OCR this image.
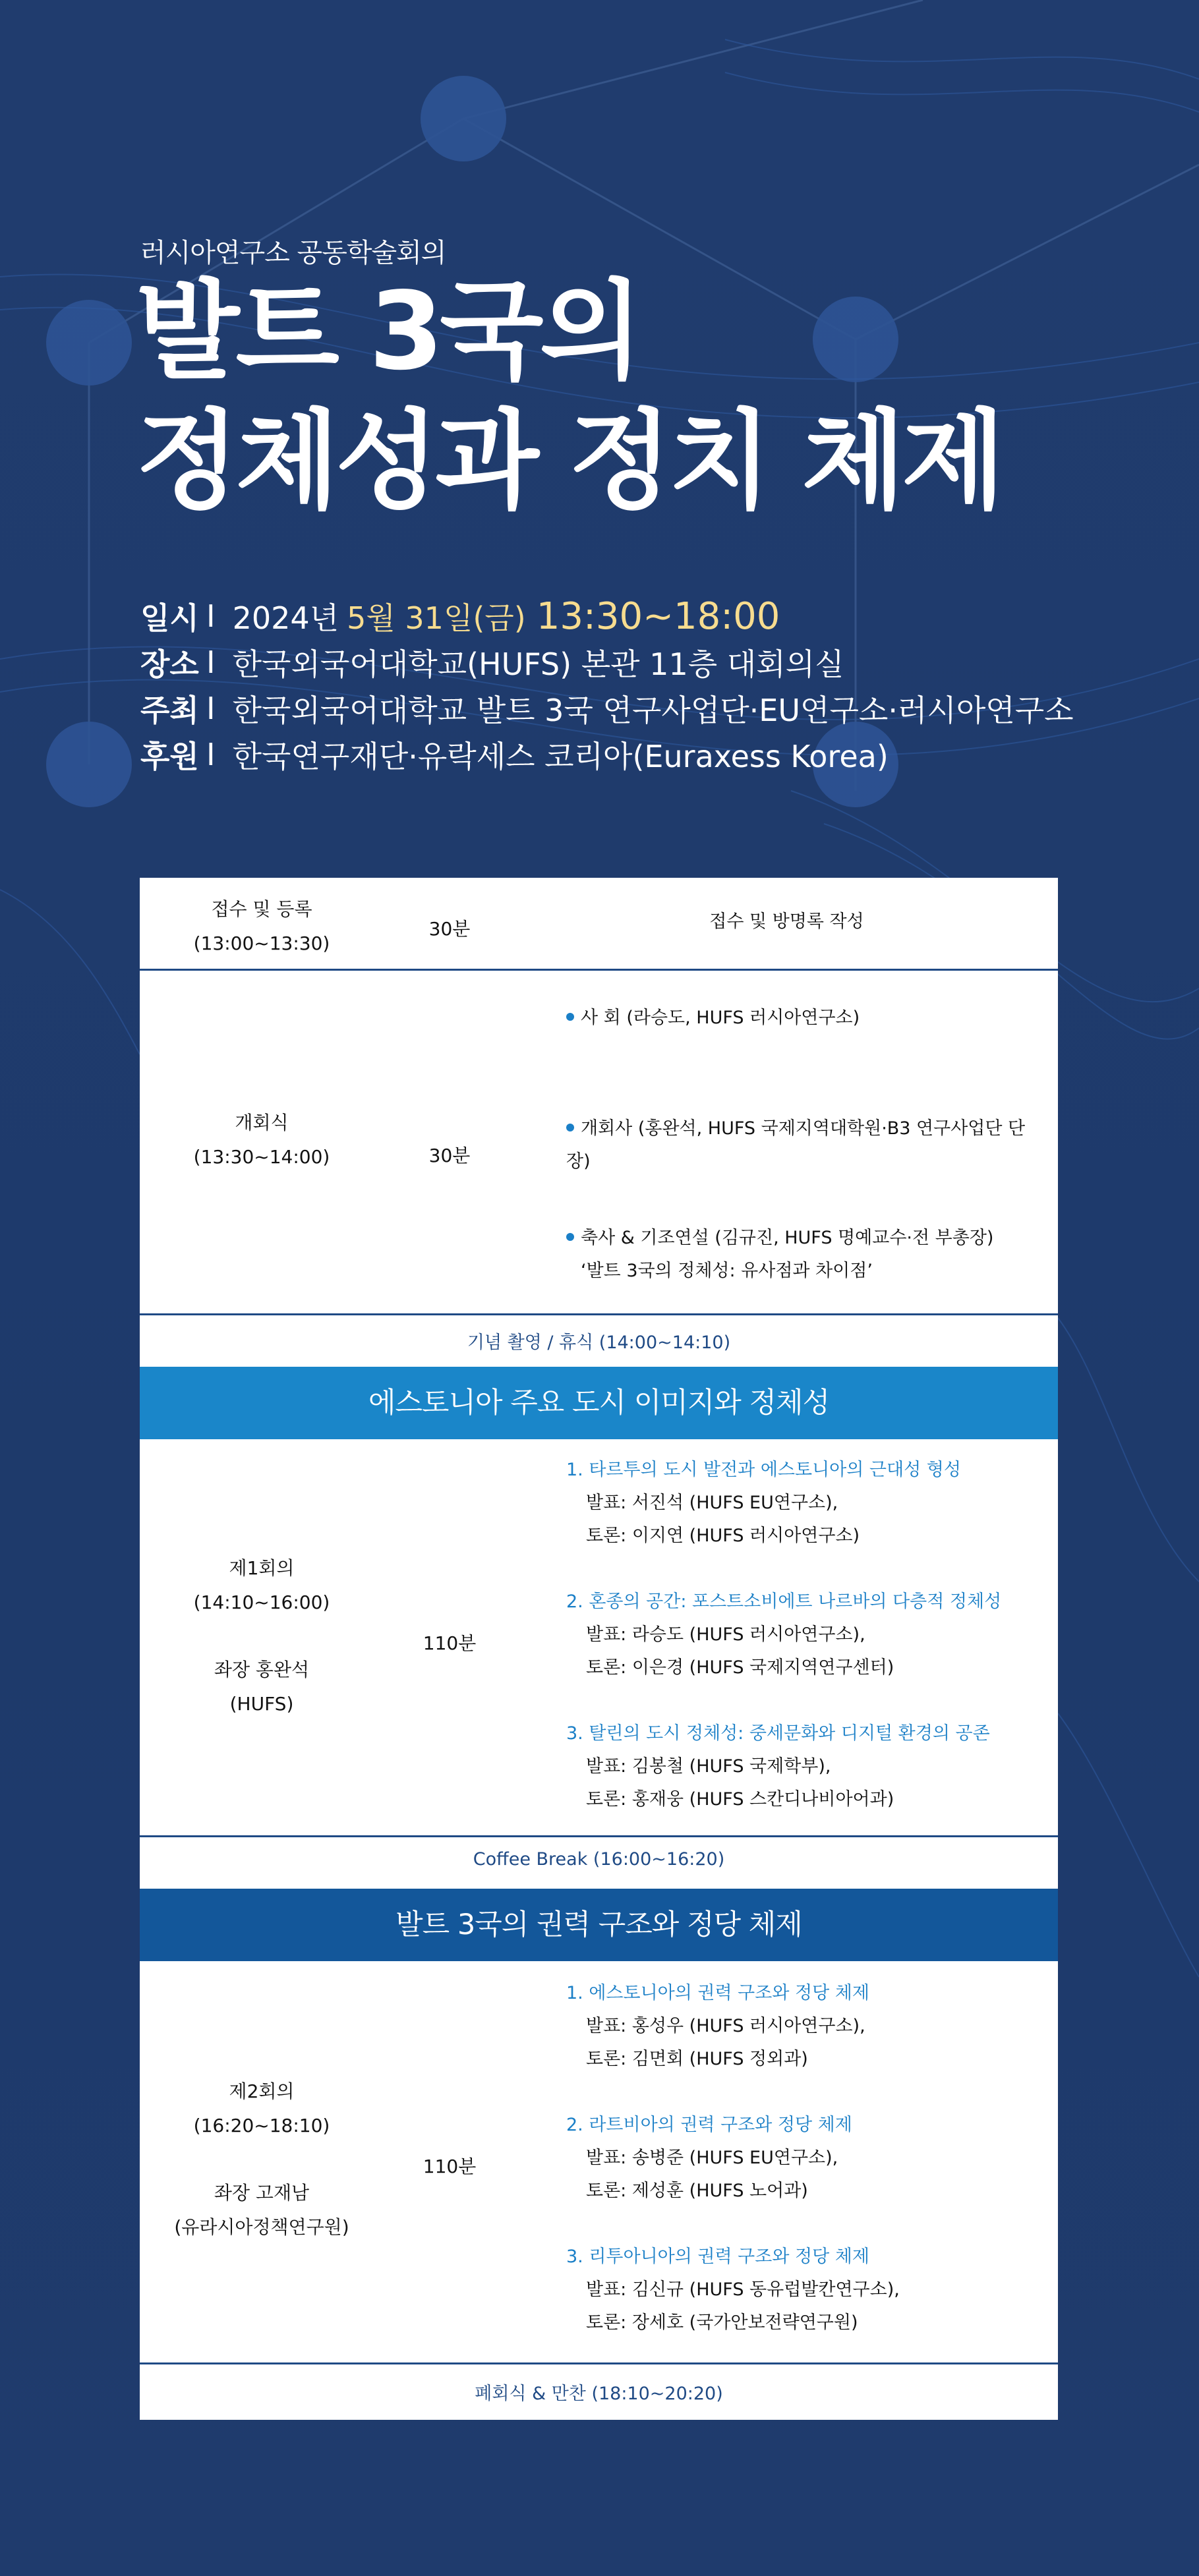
러시아연구소 공동학술회의
발트 3국의
정체성과 정치 체제
일시 I 2024년 5월 31일(금) 13:30~18:00
장소 I 한국외국어대학교(HUFS) 본관 11층 대회의실
주최 I 한국외국어대학교 발트 3국 연구사업단·EU연구소·러시아연구소
후원 I 한국연구재단·유락세스 코리아(Euraxess Korea)
접수 및 등록
(13:00~13:30)
30분	접수 및 방명록 작성
개회식
(13:30~14:00)	30분
사 회 (라승도, HUFS 러시아연구소)
개회사 (홍완석, HUFS 국제지역대학원·B3 연구사업단 단장)
축사 & 기조연설 (김규진, HUFS 명예교수·전 부총장)
‘발트 3국의 정체성: 유사점과 차이점’
기념 촬영 / 휴식 (14:00~14:10)
에스토니아 주요 도시 이미지와 정체성
제1회의
(14:10~16:00)
좌장 홍완석
(HUFS)
110분
1. 타르투의 도시 발전과 에스토니아의 근대성 형성
발표: 서진석 (HUFS EU연구소),
토론: 이지연 (HUFS 러시아연구소)
2. 혼종의 공간: 포스트소비에트 나르바의 다층적 정체성
발표: 라승도 (HUFS 러시아연구소),
토론: 이은경 (HUFS 국제지역연구센터)
3. 탈린의 도시 정체성: 중세문화와 디지털 환경의 공존
발표: 김봉철 (HUFS 국제학부),
토론: 홍재웅 (HUFS 스칸디나비아어과)
Coffee Break (16:00~16:20)
발트 3국의 권력 구조와 정당 체제
제2회의
(16:20~18:10)
좌장 고재남
(유라시아정책연구원)
110분
1. 에스토니아의 권력 구조와 정당 체제
발표: 홍성우 (HUFS 러시아연구소),
토론: 김면회 (HUFS 정외과)
2. 라트비아의 권력 구조와 정당 체제
발표: 송병준 (HUFS EU연구소),
토론: 제성훈 (HUFS 노어과)
3. 리투아니아의 권력 구조와 정당 체제
발표: 김신규 (HUFS 동유럽발칸연구소),
토론: 장세호 (국가안보전략연구원)
폐회식 & 만찬 (18:10~20:20)
